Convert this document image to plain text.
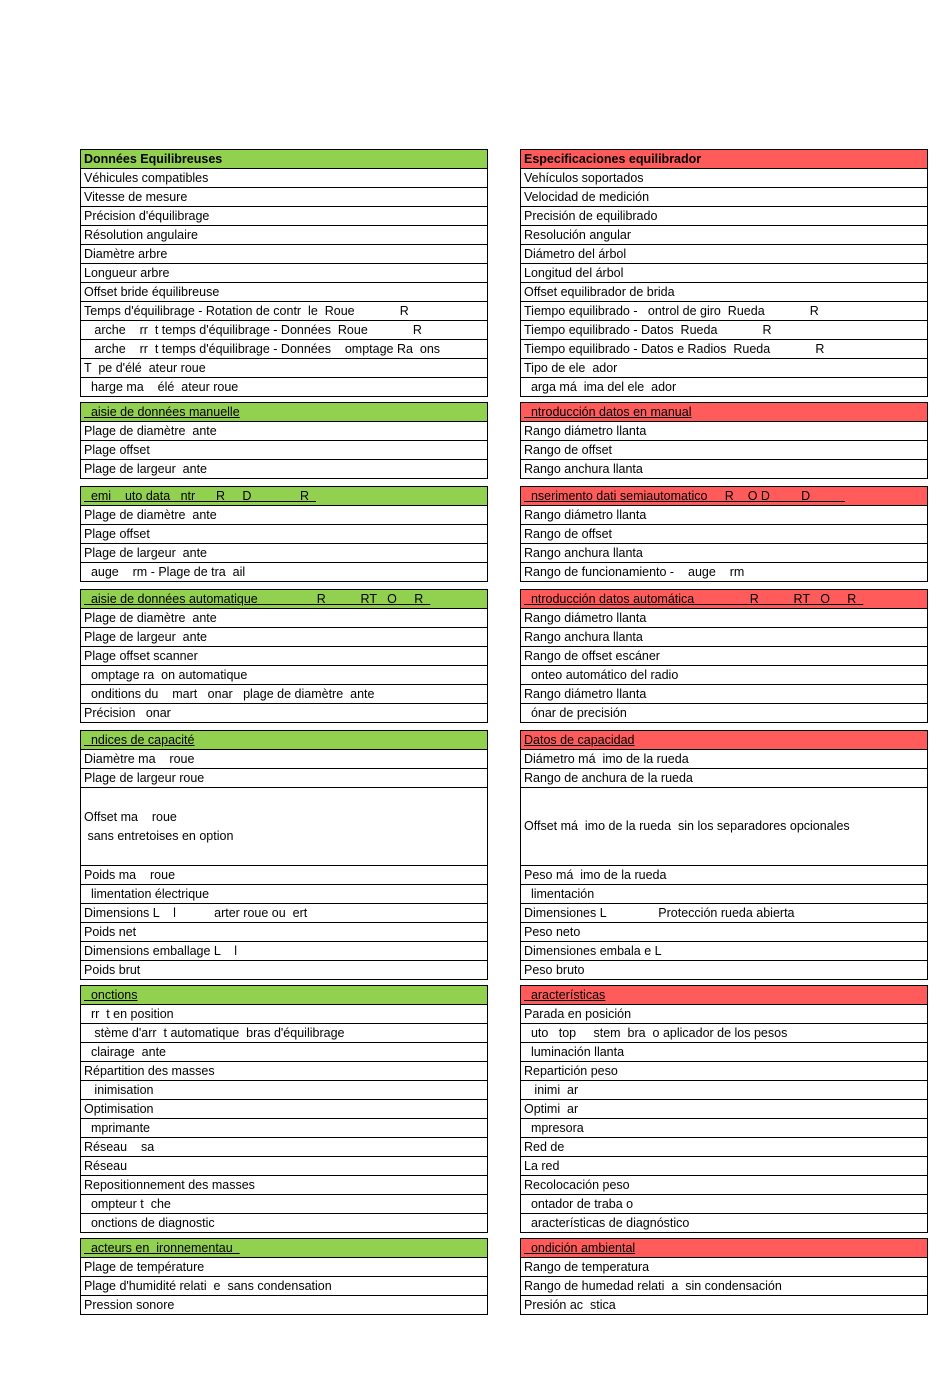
Données Equilibreuses
Véhicules compatibles
Vitesse de mesure
Précision d'équilibrage
Résolution angulaire
Diamètre arbre
Longueur arbre
Offset bride équilibreuse
Temps d'équilibrage - Rotation de contr  le  Roue             R
arche    rr  t temps d'équilibrage - Données  Roue             R
arche    rr  t temps d'équilibrage - Données    omptage Ra  ons
T  pe d'élé  ateur roue
harge ma    élé  ateur roue
Especificaciones equilibrador
Vehículos soportados
Velocidad de medición
Precisión de equilibrado
Resolución angular
Diámetro del árbol
Longitud del árbol
Offset equilibrador de brida
Tiempo equilibrado -   ontrol de giro  Rueda             R
Tiempo equilibrado - Datos  Rueda             R
Tiempo equilibrado - Datos e Radios  Rueda             R
Tipo de ele  ador
arga má  ima del ele  ador
aisie de données manuelle
Plage de diamètre  ante
Plage offset
Plage de largeur  ante
ntroducción datos en manual
Rango diámetro llanta
Rango de offset
Rango anchura llanta
emi    uto data   ntr      R     D              R
Plage de diamètre  ante
Plage offset
Plage de largeur  ante
auge    rm - Plage de tra  ail
nserimento dati semiautomatico     R    O D         D
Rango diámetro llanta
Rango de offset
Rango anchura llanta
Rango de funcionamiento -    auge    rm
aisie de données automatique                 R          RT   O     R
Plage de diamètre  ante
Plage de largeur  ante
Plage offset scanner
omptage ra  on automatique
onditions du    mart   onar   plage de diamètre  ante
Précision   onar
ntroducción datos automática                R          RT   O     R
Rango diámetro llanta
Rango anchura llanta
Rango de offset escáner
onteo automático del radio
Rango diámetro llanta
ónar de precisión
ndices de capacité
Diamètre ma    roue
Plage de largeur roue
Offset ma    roue
sans entretoises en option
Poids ma    roue
limentation électrique
Dimensions L    l           arter roue ou  ert
Poids net
Dimensions emballage L    l
Poids brut
Datos de capacidad
Diámetro má  imo de la rueda
Rango de anchura de la rueda
Offset má  imo de la rueda  sin los separadores opcionales
Peso má  imo de la rueda
limentación
Dimensiones L               Protección rueda abierta
Peso neto
Dimensiones embala e L
Peso bruto
onctions
rr  t en position
stème d'arr  t automatique  bras d'équilibrage
clairage  ante
Répartition des masses
inimisation
Optimisation
mprimante
Réseau    sa
Réseau
Repositionnement des masses
ompteur t  che
onctions de diagnostic
aracterísticas
Parada en posición
uto   top     stem  bra  o aplicador de los pesos
luminación llanta
Repartición peso
inimi  ar
Optimi  ar
mpresora
Red de
La red
Recolocación peso
ontador de traba o
aracterísticas de diagnóstico
acteurs en  ironnementau
Plage de température
Plage d'humidité relati  e  sans condensation
Pression sonore
ondición ambiental
Rango de temperatura
Rango de humedad relati  a  sin condensación
Presión ac  stica
